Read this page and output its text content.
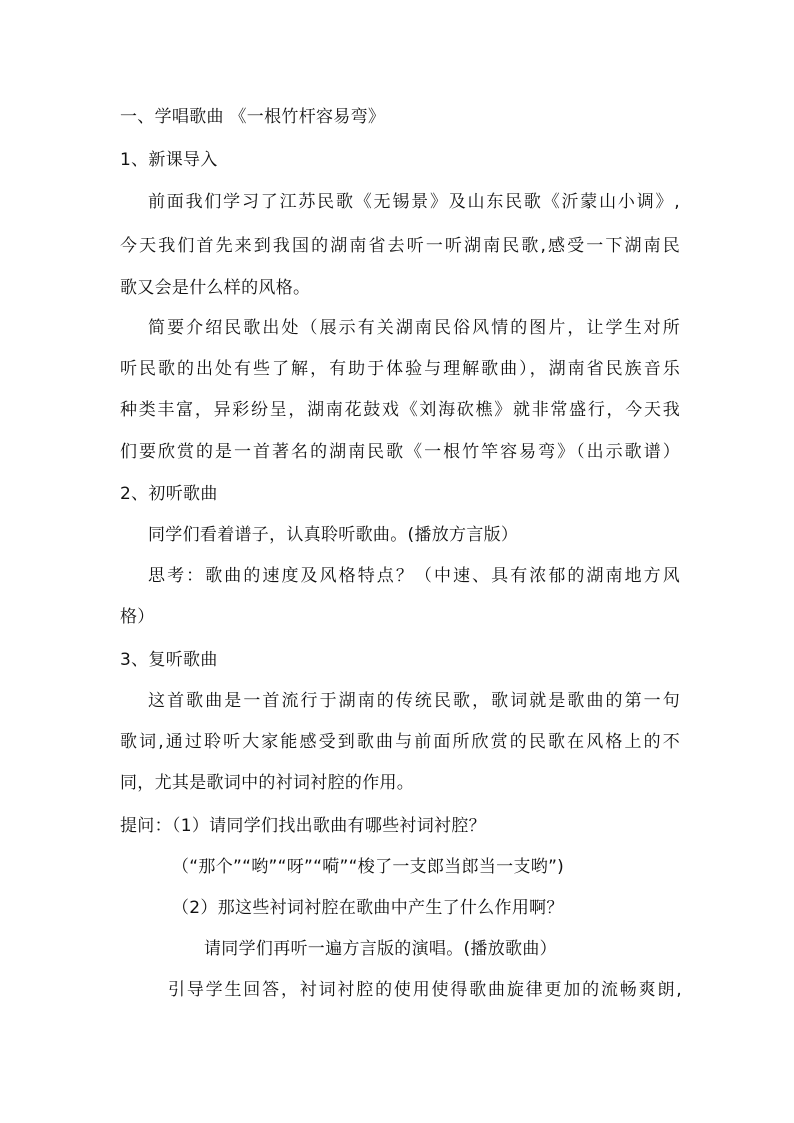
一、学唱歌曲 《一根竹杆容易弯》
1、新课导入
前面我们学习了江苏民歌《无锡景》及山东民歌《沂蒙山小调》,
今天我们首先来到我国的湖南省去听一听湖南民歌,感受一下湖南民
歌又会是什么样的风格。
简要介绍民歌出处（展示有关湖南民俗风情的图片，让学生对所
听民歌的出处有些了解，有助于体验与理解歌曲），湖南省民族音乐
种类丰富，异彩纷呈，湖南花鼓戏《刘海砍樵》就非常盛行，今天我
们要欣赏的是一首著名的湖南民歌《一根竹竿容易弯》（出示歌谱）
2、初听歌曲
同学们看着谱子，认真聆听歌曲。(播放方言版）
思考：歌曲的速度及风格特点？（中速、具有浓郁的湖南地方风
格）
3、复听歌曲
这首歌曲是一首流行于湖南的传统民歌，歌词就是歌曲的第一句
歌词,通过聆听大家能感受到歌曲与前面所欣赏的民歌在风格上的不
同，尤其是歌词中的衬词衬腔的作用。
提问：（1）请同学们找出歌曲有哪些衬词衬腔？
（“那个”“哟”“呀”“嗬”“梭了一支郎当郎当一支哟”)
（2）那这些衬词衬腔在歌曲中产生了什么作用啊？
请同学们再听一遍方言版的演唱。(播放歌曲）
引导学生回答，衬词衬腔的使用使得歌曲旋律更加的流畅爽朗,
